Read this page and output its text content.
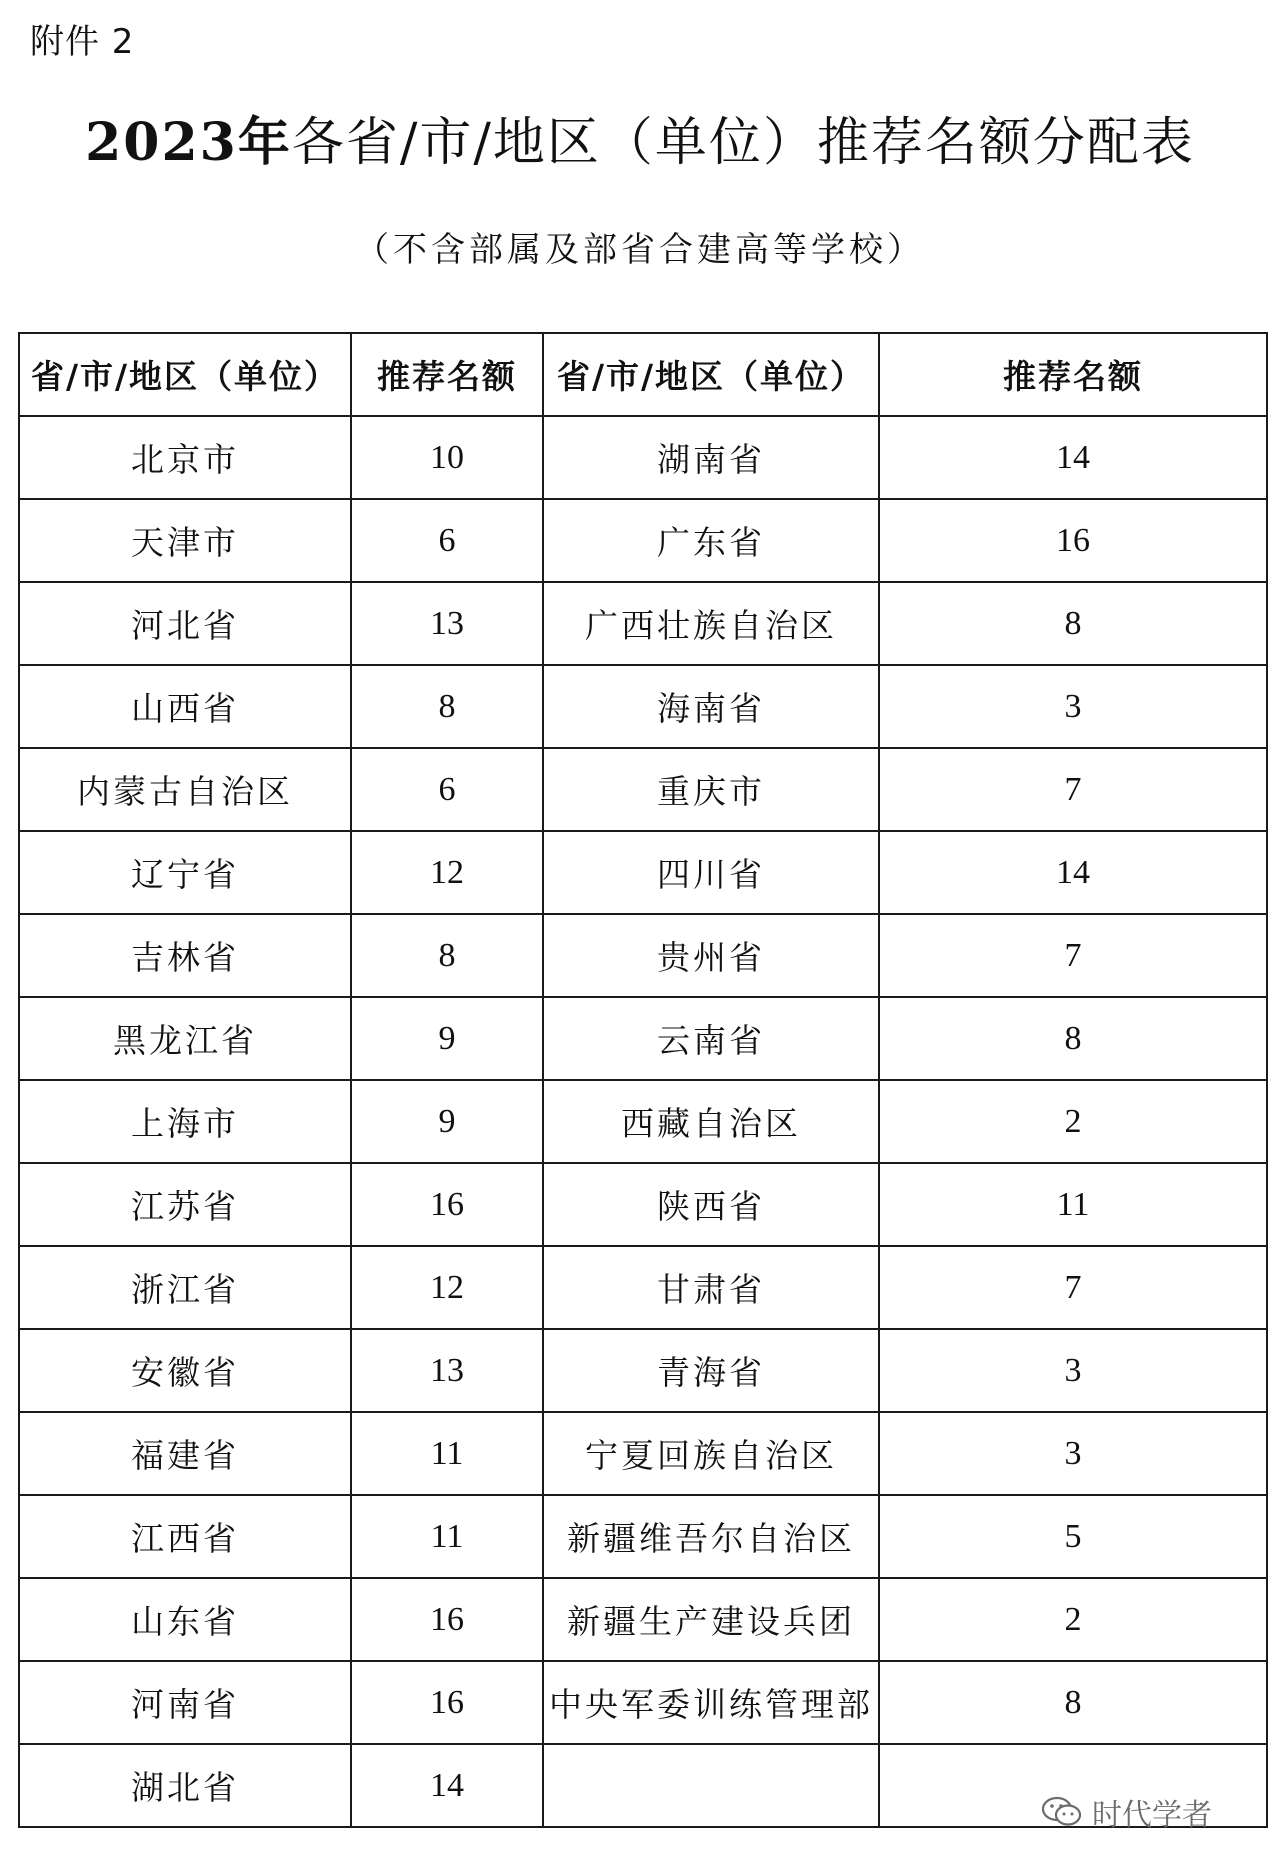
附件 2
2023年各省/市/地区（单位）推荐名额分配表
（不含部属及部省合建高等学校）
省/市/地区（单位）	推荐名额	省/市/地区（单位）	推荐名额
北京市	10	湖南省	14
天津市	6	广东省	16
河北省	13	广西壮族自治区	8
山西省	8	海南省	3
内蒙古自治区	6	重庆市	7
辽宁省	12	四川省	14
吉林省	8	贵州省	7
黑龙江省	9	云南省	8
上海市	9	西藏自治区	2
江苏省	16	陕西省	11
浙江省	12	甘肃省	7
安徽省	13	青海省	3
福建省	11	宁夏回族自治区	3
江西省	11	新疆维吾尔自治区	5
山东省	16	新疆生产建设兵团	2
河南省	16	中央军委训练管理部	8
湖北省	14		
时代学者
